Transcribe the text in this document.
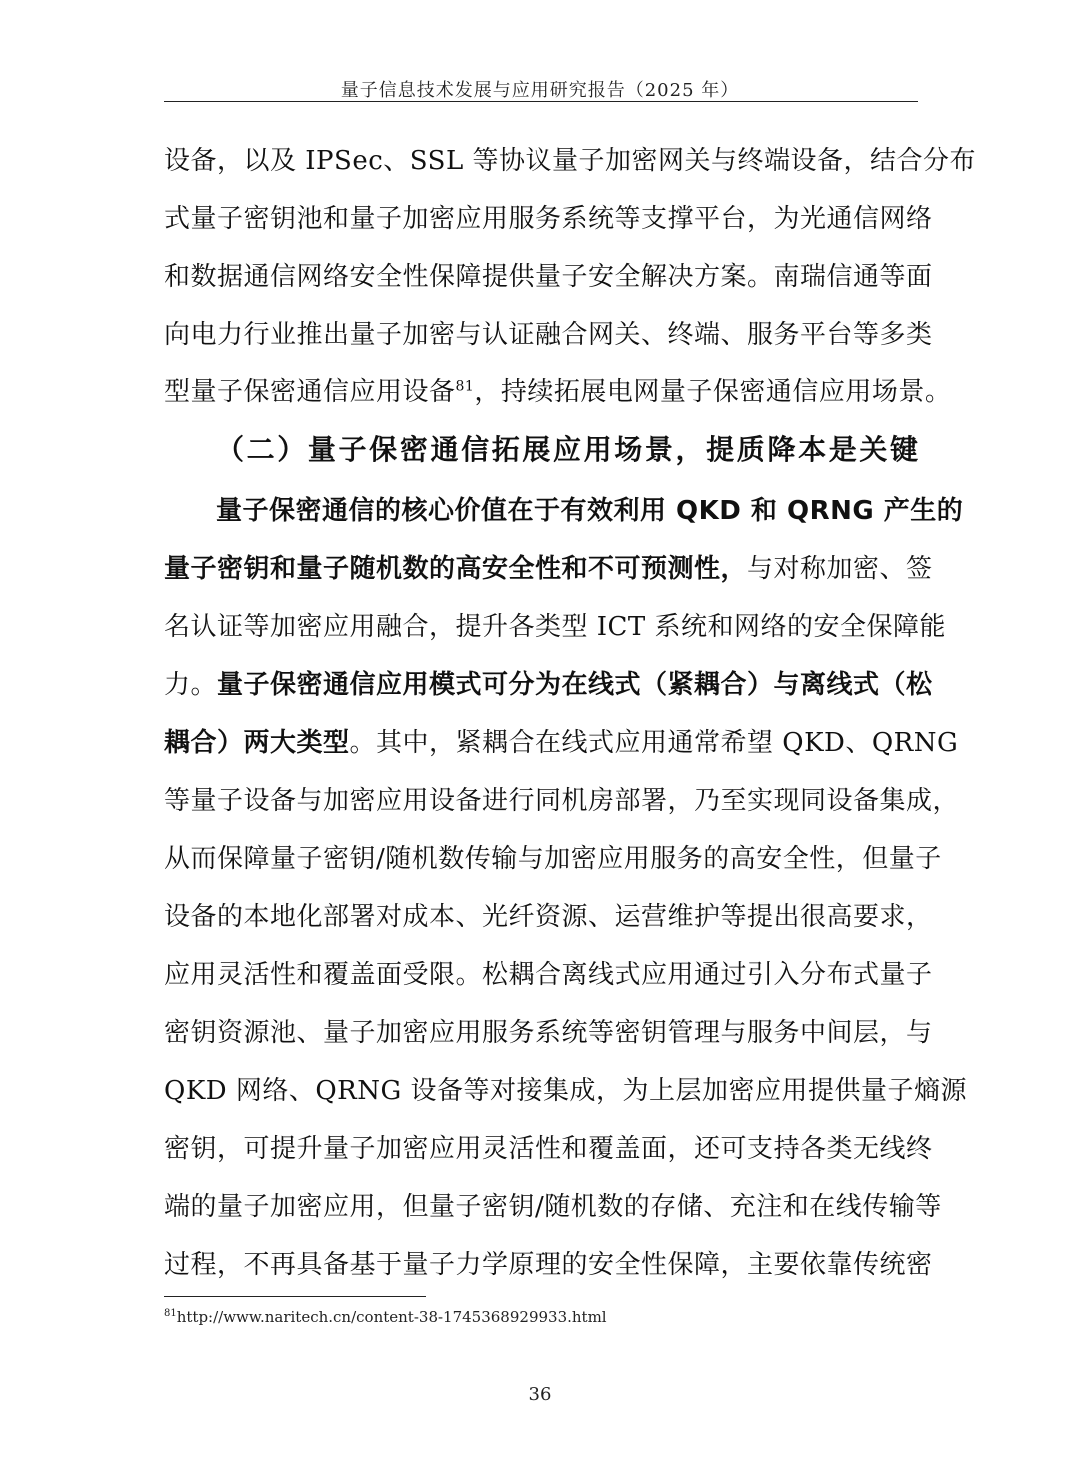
量子信息技术发展与应用研究报告（2025 年）
设备，以及 IPSec、SSL 等协议量子加密网关与终端设备，结合分布
式量子密钥池和量子加密应用服务系统等支撑平台，为光通信网络
和数据通信网络安全性保障提供量子安全解决方案。南瑞信通等面
向电力行业推出量子加密与认证融合网关、终端、服务平台等多类
型量子保密通信应用设备$^{81}$，持续拓展电网量子保密通信应用场景。
（二）量子保密通信拓展应用场景，提质降本是关键
量子保密通信的核心价值在于有效利用 QKD 和 QRNG 产生的
量子密钥和量子随机数的高安全性和不可预测性，与对称加密、签
名认证等加密应用融合，提升各类型 ICT 系统和网络的安全保障能
力。量子保密通信应用模式可分为在线式（紧耦合）与离线式（松
耦合）两大类型。其中，紧耦合在线式应用通常希望 QKD、QRNG
等量子设备与加密应用设备进行同机房部署，乃至实现同设备集成，
从而保障量子密钥/随机数传输与加密应用服务的高安全性，但量子
设备的本地化部署对成本、光纤资源、运营维护等提出很高要求，
应用灵活性和覆盖面受限。松耦合离线式应用通过引入分布式量子
密钥资源池、量子加密应用服务系统等密钥管理与服务中间层，与
QKD 网络、QRNG 设备等对接集成，为上层加密应用提供量子熵源
密钥，可提升量子加密应用灵活性和覆盖面，还可支持各类无线终
端的量子加密应用，但量子密钥/随机数的存储、充注和在线传输等
过程，不再具备基于量子力学原理的安全性保障，主要依靠传统密
$^{81}$http://www.naritech.cn/content-38-1745368929933.html
36
